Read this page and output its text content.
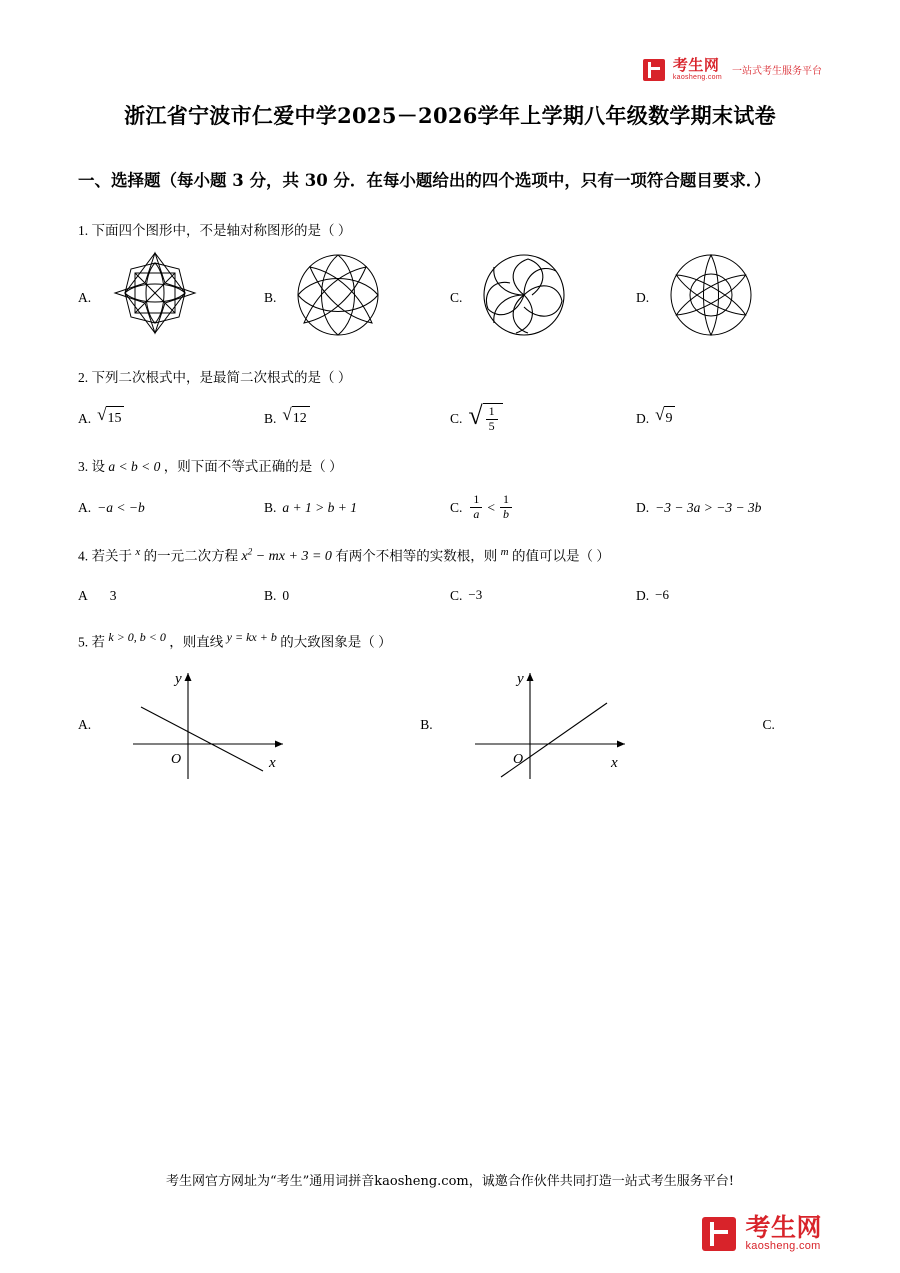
考生网
kaosheng.com
一站式考生服务平台
浙江省宁波市仁爱中学2025－2026学年上学期八年级数学期末试卷
一、选择题（每小题 3 分，共 30 分．在每小题给出的四个选项中，只有一项符合题目要求．）
1. 下面四个图形中，不是轴对称图形的是（ ）
A.	B.	C.	D.
2. 下列二次根式中，是最简二次根式的是（ ）
A. √ 15	B. √ 12	C. √ $\frac{1}{5}$	D. √ 9
3. 设 a < b < 0 ，则下面不等式正确的是（ ）
A. −a < −b	B. a + 1 > b + 1	C. $\frac{1}{a} < \frac{1}{b}$	D. −3 − 3a > −3 − 3b
4. 若关于 $^x$ 的一元二次方程 $x^2$ − mx + 3 = 0 有两个不相等的实数根，则 $^m$ 的值可以是（ ）
A 3	B. 0	C. −3	D. −6
5. 若 k > 0, b < 0 ，则直线 y = kx + b 的大致图象是（ ）
A.
y
x
O
B.
y
x
O
C.
考生网官方网址为“考生”通用词拼音kaosheng.com，诚邀合作伙伴共同打造一站式考生服务平台!
考生网
kaosheng.com
